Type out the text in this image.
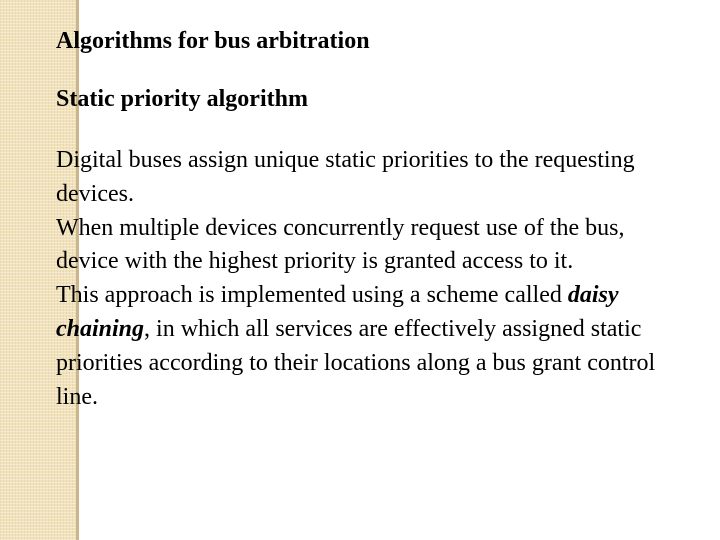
Algorithms for bus arbitration
Static priority algorithm

Digital buses assign unique static priorities to the requesting devices.

When multiple devices concurrently request use of the bus, device with the highest priority is granted access to it.

This approach is implemented using a scheme called daisy chaining, in which all services are effectively assigned static priorities according to their locations along a bus grant control line.
